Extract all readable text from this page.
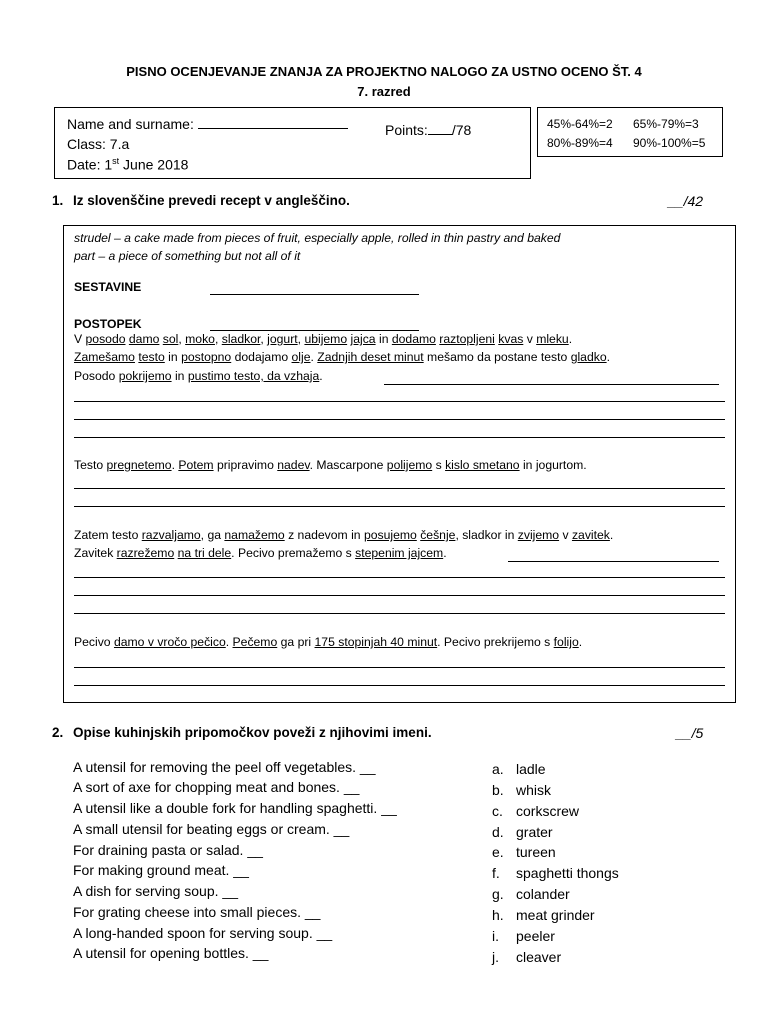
PISNO OCENJEVANJE ZNANJA ZA PROJEKTNO NALOGO ZA USTNO OCENO ŠT. 4
7. razred
Name and surname:	Points: /78
Class: 7.a
Date: 1st June 2018
45%-64%=2 65%-79%=3
80%-89%=4 90%-100%=5
1. Iz slovenščine prevedi recept v angleščino.	__/42
strudel – a cake made from pieces of fruit, especially apple, rolled in thin pastry and baked
part – a piece of something but not all of it
SESTAVINE
POSTOPEK
V posodo damo sol, moko, sladkor, jogurt, ubijemo jajca in dodamo raztopljeni kvas v mleku.
Zamešamo testo in postopno dodajamo olje. Zadnjih deset minut mešamo da postane testo gladko.
Posodo pokrijemo in pustimo testo, da vzhaja.
Testo pregnetemo. Potem pripravimo nadev. Mascarpone polijemo s kislo smetano in jogurtom.
Zatem testo razvaljamo, ga namažemo z nadevom in posujemo češnje, sladkor in zvijemo v zavitek.
Zavitek razrežemo na tri dele. Pecivo premažemo s stepenim jajcem.
Pecivo damo v vročo pečico. Pečemo ga pri 175 stopinjah 40 minut. Pecivo prekrijemo s folijo.
2. Opise kuhinjskih pripomočkov poveži z njihovimi imeni.	__/5
A utensil for removing the peel off vegetables. __
A sort of axe for chopping meat and bones. __
A utensil like a double fork for handling spaghetti. __
A small utensil for beating eggs or cream. __
For draining pasta or salad. __
For making ground meat. __
A dish for serving soup. __
For grating cheese into small pieces. __
A long-handed spoon for serving soup. __
A utensil for opening bottles. __
a. ladle
b. whisk
c. corkscrew
d. grater
e. tureen
f. spaghetti thongs
g. colander
h. meat grinder
i. peeler
j. cleaver
